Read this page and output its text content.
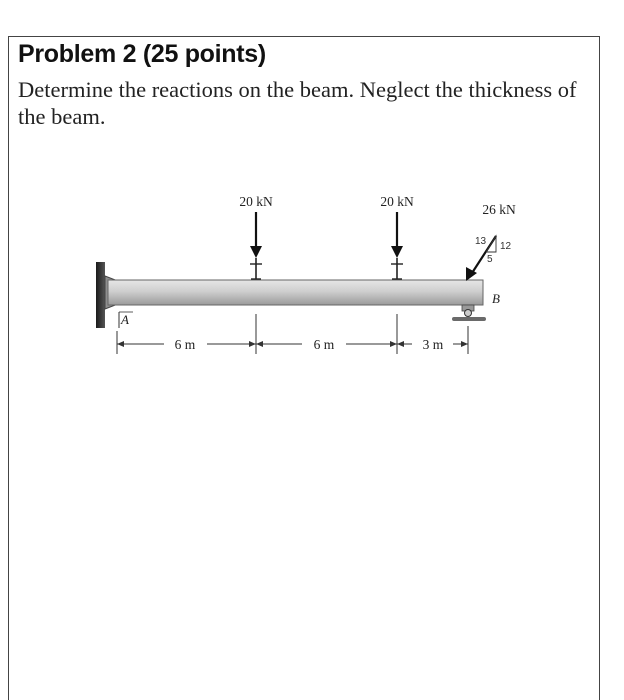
Problem 2 (25 points)

Determine the reactions on the beam. Neglect the thickness of the beam.

20 kN	20 kN
26 kN
13 12
5
A
B
6 m	6 m	3 m
